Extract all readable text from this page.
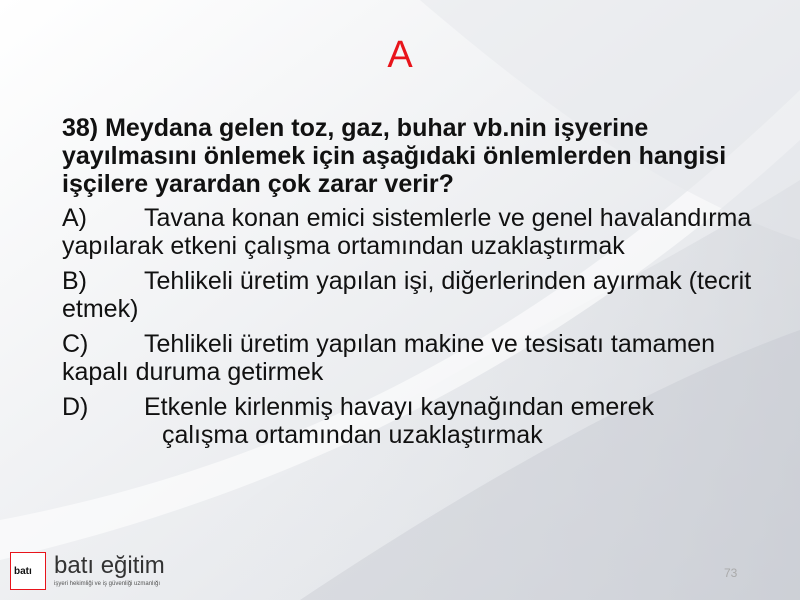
A
38) Meydana gelen toz, gaz, buhar vb.nin işyerine yayılmasını önlemek için aşağıdaki önlemlerden hangisi işçilere yarardan çok zarar verir?
A) Tavana konan emici sistemlerle ve genel havalandırma yapılarak etkeni çalışma ortamından uzaklaştırmak
B) Tehlikeli üretim yapılan işi, diğerlerinden ayırmak (tecrit etmek)
C) Tehlikeli üretim yapılan makine ve tesisatı tamamen kapalı duruma getirmek
D) Etkenle kirlenmiş havayı kaynağından emerek
çalışma ortamından uzaklaştırmak
batı batı eğitim
işyeri hekimliği ve iş güvenliği uzmanlığı
73
